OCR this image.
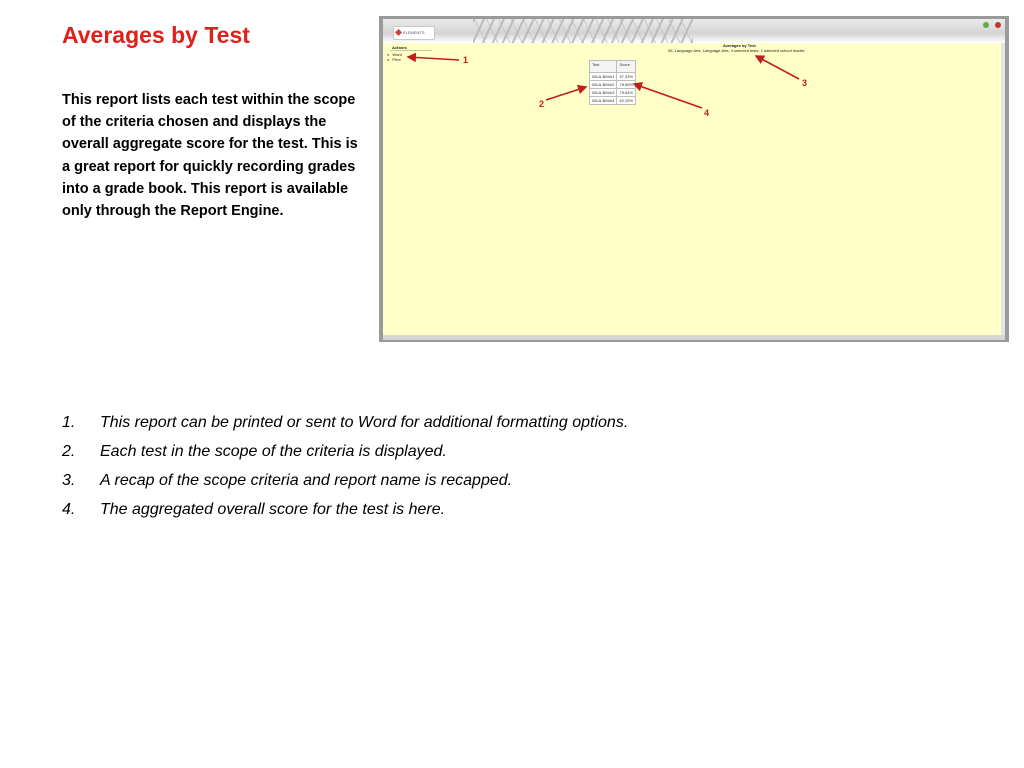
Averages by Test

This report lists each test within the scope of the criteria chosen and displays the overall aggregate score for the test. This is a great report for quickly recording grades into a grade book. This report is available only through the Report Engine.

ELEMENTS
Actions
● Word
● Print
Averages by Test
05, Language Arts, Language Arts, 4 selected tests, 1 selected school results
Test	Score
05LA-BM4r1	57.33%
05LA-BM4r2	78.96%
05LA-BM4r3	75.64%
05LA-BM4r4	62.25%
1
2
3
4
1. This report can be printed or sent to Word for additional formatting options.
2. Each test in the scope of the criteria is displayed.
3. A recap of the scope criteria and report name is recapped.
4. The aggregated overall score for the test is here.
